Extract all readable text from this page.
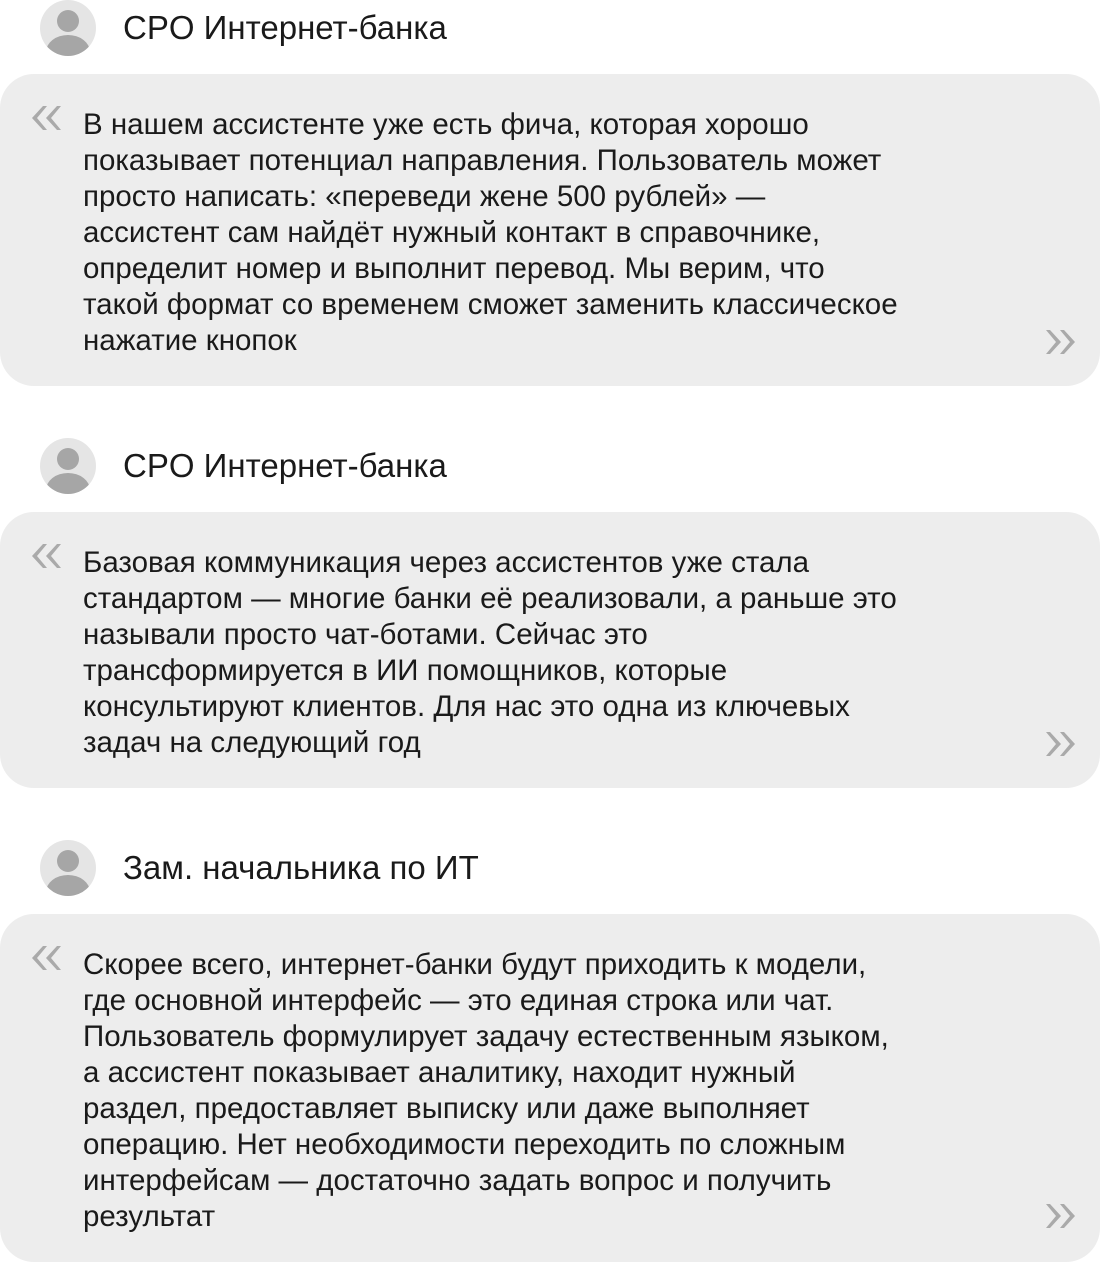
CPO Интернет-банка

В нашем ассистенте уже есть фича, которая хорошо
показывает потенциал направления. Пользователь может
просто написать: «переведи жене 500 рублей» —
ассистент сам найдёт нужный контакт в справочнике,
определит номер и выполнит перевод. Мы верим, что
такой формат со временем сможет заменить классическое
нажатие кнопок

CPO Интернет-банка

Базовая коммуникация через ассистентов уже стала
стандартом — многие банки её реализовали, а раньше это
называли просто чат-ботами. Сейчас это
трансформируется в ИИ помощников, которые
консультируют клиентов. Для нас это одна из ключевых
задач на следующий год

Зам. начальника по ИТ

Скорее всего, интернет-банки будут приходить к модели,
где основной интерфейс — это единая строка или чат.
Пользователь формулирует задачу естественным языком,
а ассистент показывает аналитику, находит нужный
раздел, предоставляет выписку или даже выполняет
операцию. Нет необходимости переходить по сложным
интерфейсам — достаточно задать вопрос и получить
результат
